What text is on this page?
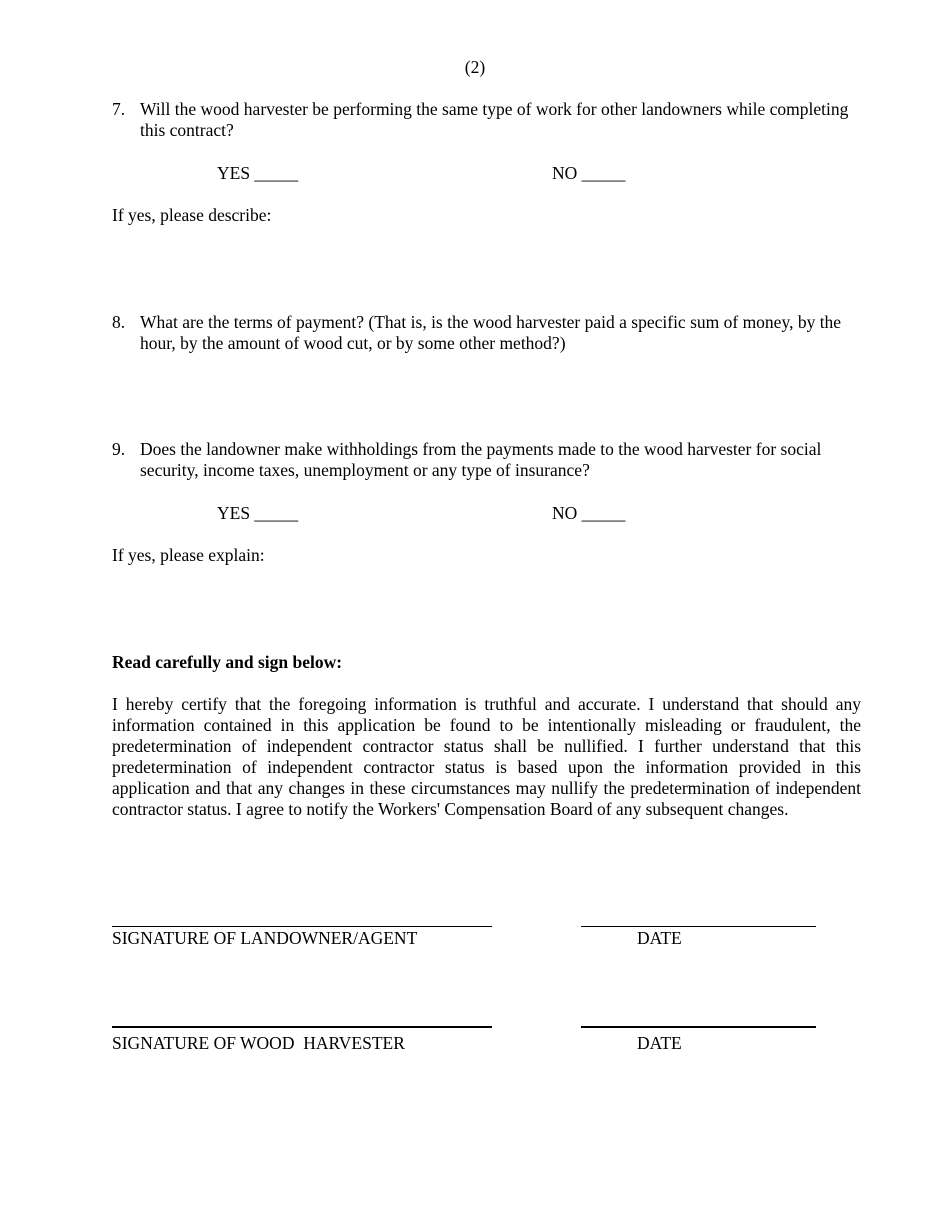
(2)
7. Will the wood harvester be performing the same type of work for other landowners while completing this contract?
YES _____	NO _____
If yes, please describe:
8. What are the terms of payment? (That is, is the wood harvester paid a specific sum of money, by the hour, by the amount of wood cut, or by some other method?)
9. Does the landowner make withholdings from the payments made to the wood harvester for social security, income taxes, unemployment or any type of insurance?
YES _____	NO _____
If yes, please explain:
Read carefully and sign below:
I hereby certify that the foregoing information is truthful and accurate. I understand that should any information contained in this application be found to be intentionally misleading or fraudulent, the predetermination of independent contractor status shall be nullified. I further understand that this predetermination of independent contractor status is based upon the information provided in this application and that any changes in these circumstances may nullify the predetermination of independent contractor status. I agree to notify the Workers' Compensation Board of any subsequent changes.
SIGNATURE OF LANDOWNER/AGENT	DATE
SIGNATURE OF WOOD  HARVESTER	DATE
